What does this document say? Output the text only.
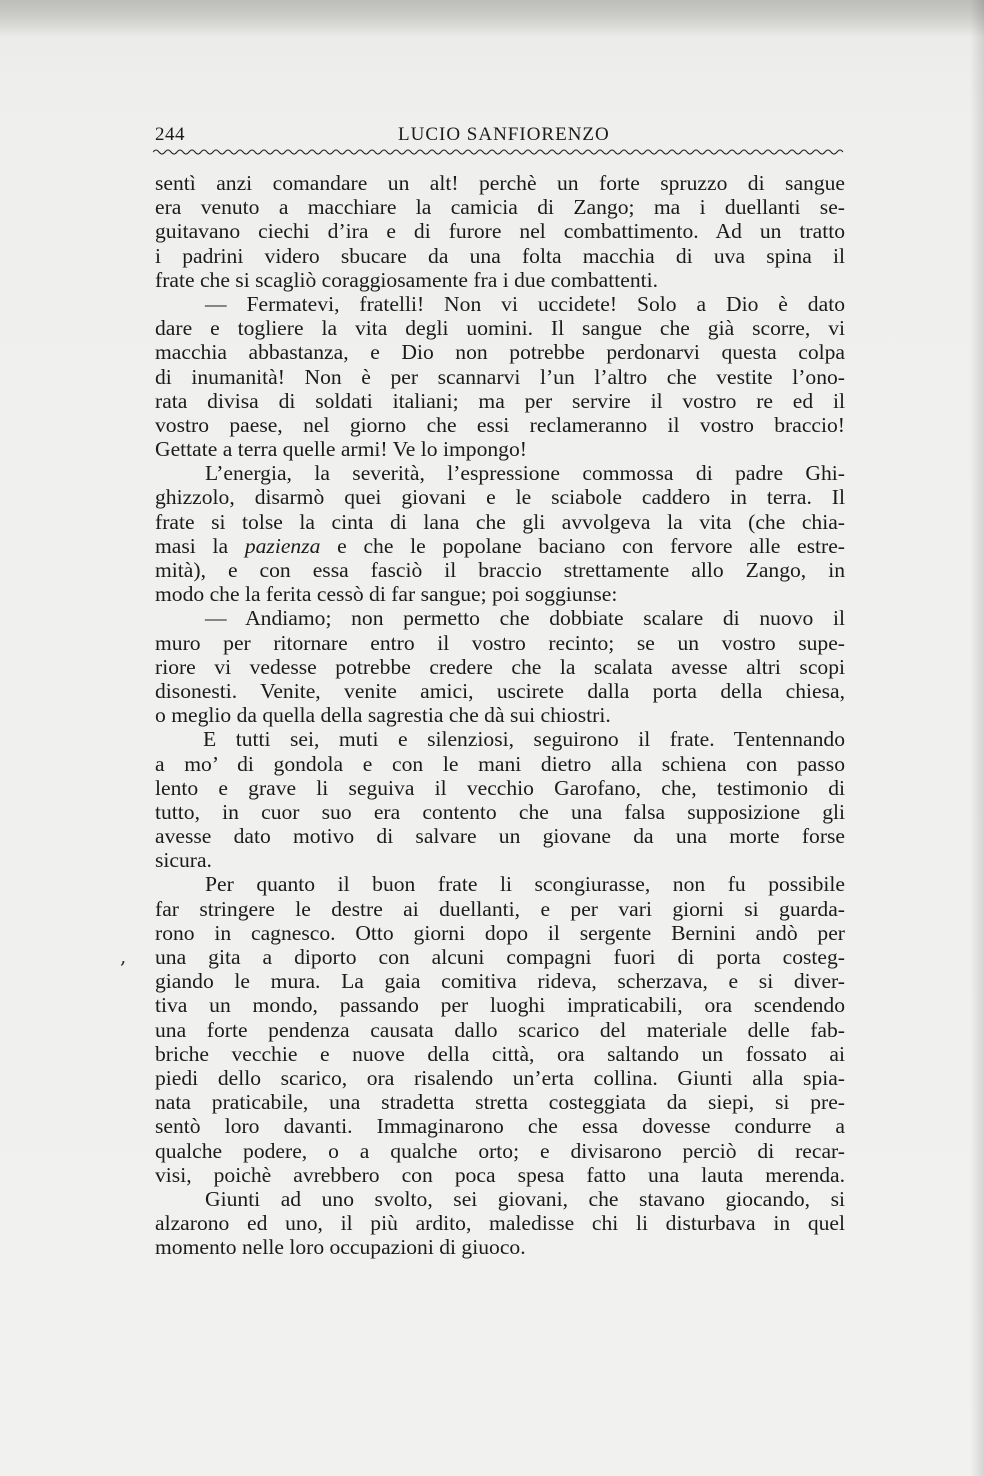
244	LUCIO SANFIORENZO
sentì anzi comandare un alt! perchè un forte spruzzo di sangue
era venuto a macchiare la camicia di Zango; ma i duellanti se-
guitavano ciechi d’ira e di furore nel combattimento. Ad un tratto
i padrini videro sbucare da una folta macchia di uva spina il
frate che si scagliò coraggiosamente fra i due combattenti.
— Fermatevi, fratelli! Non vi uccidete! Solo a Dio è dato
dare e togliere la vita degli uomini. Il sangue che già scorre, vi
macchia abbastanza, e Dio non potrebbe perdonarvi questa colpa
di inumanità! Non è per scannarvi l’un l’altro che vestite l’ono-
rata divisa di soldati italiani; ma per servire il vostro re ed il
vostro paese, nel giorno che essi reclameranno il vostro braccio!
Gettate a terra quelle armi! Ve lo impongo!
L’energia, la severità, l’espressione commossa di padre Ghi-
ghizzolo, disarmò quei giovani e le sciabole caddero in terra. Il
frate si tolse la cinta di lana che gli avvolgeva la vita (che chia-
masi la pazienza e che le popolane baciano con fervore alle estre-
mità), e con essa fasciò il braccio strettamente allo Zango, in
modo che la ferita cessò di far sangue; poi soggiunse:
— Andiamo; non permetto che dobbiate scalare di nuovo il
muro per ritornare entro il vostro recinto; se un vostro supe-
riore vi vedesse potrebbe credere che la scalata avesse altri scopi
disonesti. Venite, venite amici, uscirete dalla porta della chiesa,
o meglio da quella della sagrestia che dà sui chiostri.
E tutti sei, muti e silenziosi, seguirono il frate. Tentennando
a mo’ di gondola e con le mani dietro alla schiena con passo
lento e grave li seguiva il vecchio Garofano, che, testimonio di
tutto, in cuor suo era contento che una falsa supposizione gli
avesse dato motivo di salvare un giovane da una morte forse
sicura.
Per quanto il buon frate li scongiurasse, non fu possibile
far stringere le destre ai duellanti, e per vari giorni si guarda-
rono in cagnesco. Otto giorni dopo il sergente Bernini andò per
una gita a diporto con alcuni compagni fuori di porta costeg-
giando le mura. La gaia comitiva rideva, scherzava, e si diver-
tiva un mondo, passando per luoghi impraticabili, ora scendendo
una forte pendenza causata dallo scarico del materiale delle fab-
briche vecchie e nuove della città, ora saltando un fossato ai
piedi dello scarico, ora risalendo un’erta collina. Giunti alla spia-
nata praticabile, una stradetta stretta costeggiata da siepi, si pre-
sentò loro davanti. Immaginarono che essa dovesse condurre a
qualche podere, o a qualche orto; e divisarono perciò di recar-
visi, poichè avrebbero con poca spesa fatto una lauta merenda.
Giunti ad uno svolto, sei giovani, che stavano giocando, si
alzarono ed uno, il più ardito, maledisse chi li disturbava in quel
momento nelle loro occupazioni di giuoco.
,
